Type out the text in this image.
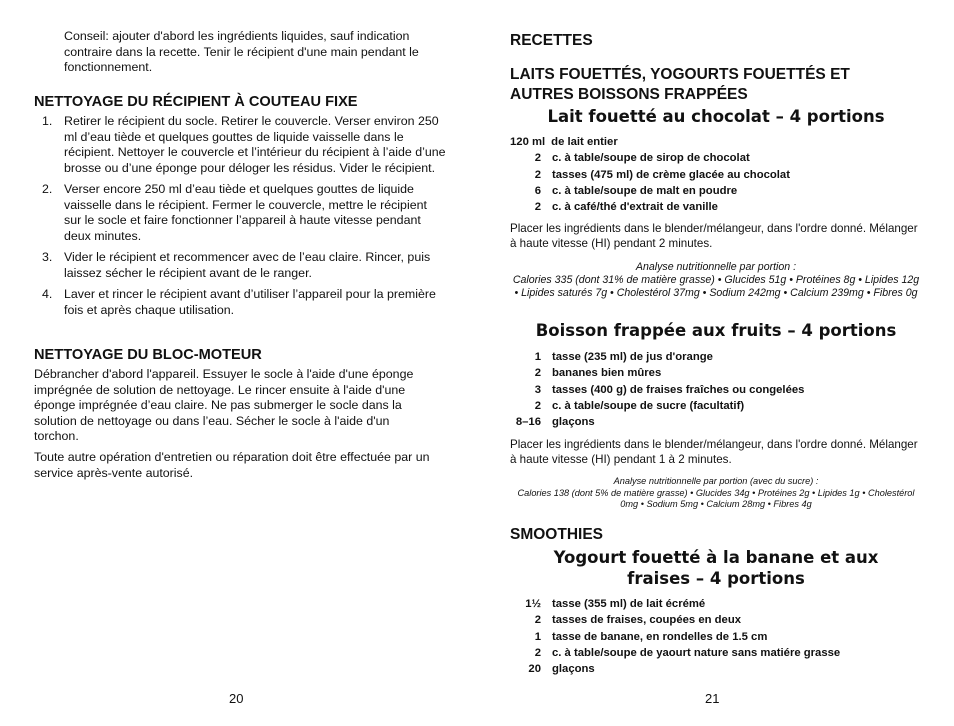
Conseil: ajouter d'abord les ingrédients liquides, sauf indication contraire dans la recette. Tenir le récipient d'une main pendant le fonctionnement.

NETTOYAGE DU RÉCIPIENT À COUTEAU FIXE
1. Retirer le récipient du socle. Retirer le couvercle. Verser environ 250 ml d’eau tiède et quelques gouttes de liquide vaisselle dans le récipient. Nettoyer le couvercle et l’intérieur du récipient à l’aide d’une brosse ou d’une éponge pour déloger les résidus. Vider le récipient.
2. Verser encore 250 ml d’eau tiède et quelques gouttes de liquide vaisselle dans le récipient. Fermer le couvercle, mettre le récipient sur le socle et faire fonctionner l’appareil à haute vitesse pendant deux minutes.
3. Vider le récipient et recommencer avec de l’eau claire. Rincer, puis laissez sécher le récipient avant de le ranger.
4. Laver et rincer le récipient avant d’utiliser l’appareil pour la première fois et après chaque utilisation.
NETTOYAGE DU BLOC-MOTEUR

Débrancher d'abord l'appareil. Essuyer le socle à l'aide d'une éponge imprégnée de solution de nettoyage. Le rincer ensuite à l'aide d'une éponge imprégnée d’eau claire. Ne pas submerger le socle dans la solution de nettoyage ou dans l’eau. Sécher le socle à l'aide d'un torchon.

Toute autre opération d'entretien ou réparation doit être effectuée par un service après-vente autorisé.

20
RECETTES
LAITS FOUETTÉS, YOGOURTS FOUETTÉS ET AUTRES BOISSONS FRAPPÉES
Lait fouetté au chocolat – 4 portions
120 ml de lait entier
2 c. à table/soupe de sirop de chocolat
2 tasses (475 ml) de crème glacée au chocolat
6 c. à table/soupe de malt en poudre
2 c. à café/thé d'extrait de vanille

Placer les ingrédients dans le blender/mélangeur, dans l'ordre donné. Mélanger à haute vitesse (HI) pendant 2 minutes.

Analyse nutritionnelle par portion :
Calories 335 (dont 31% de matière grasse) • Glucides 51g • Protéines 8g • Lipides 12g • Lipides saturés 7g • Cholestérol 37mg • Sodium 242mg • Calcium 239mg • Fibres 0g
Boisson frappée aux fruits – 4 portions
1 tasse (235 ml) de jus d'orange
2 bananes bien mûres
3 tasses (400 g) de fraises fraîches ou congelées
2 c. à table/soupe de sucre (facultatif)
8–16 glaçons

Placer les ingrédients dans le blender/mélangeur, dans l'ordre donné. Mélanger à haute vitesse (HI) pendant 1 à 2 minutes.

Analyse nutritionnelle par portion (avec du sucre) :
Calories 138 (dont 5% de matière grasse) • Glucides 34g • Protéines 2g • Lipides 1g • Cholestérol 0mg • Sodium 5mg • Calcium 28mg • Fibres 4g
SMOOTHIES
Yogourt fouetté à la banane et aux fraises – 4 portions
1½ tasse (355 ml) de lait écrémé
2 tasses de fraises, coupées en deux
1 tasse de banane, en rondelles de 1.5 cm
2 c. à table/soupe de yaourt nature sans matiére grasse
20 glaçons
21
